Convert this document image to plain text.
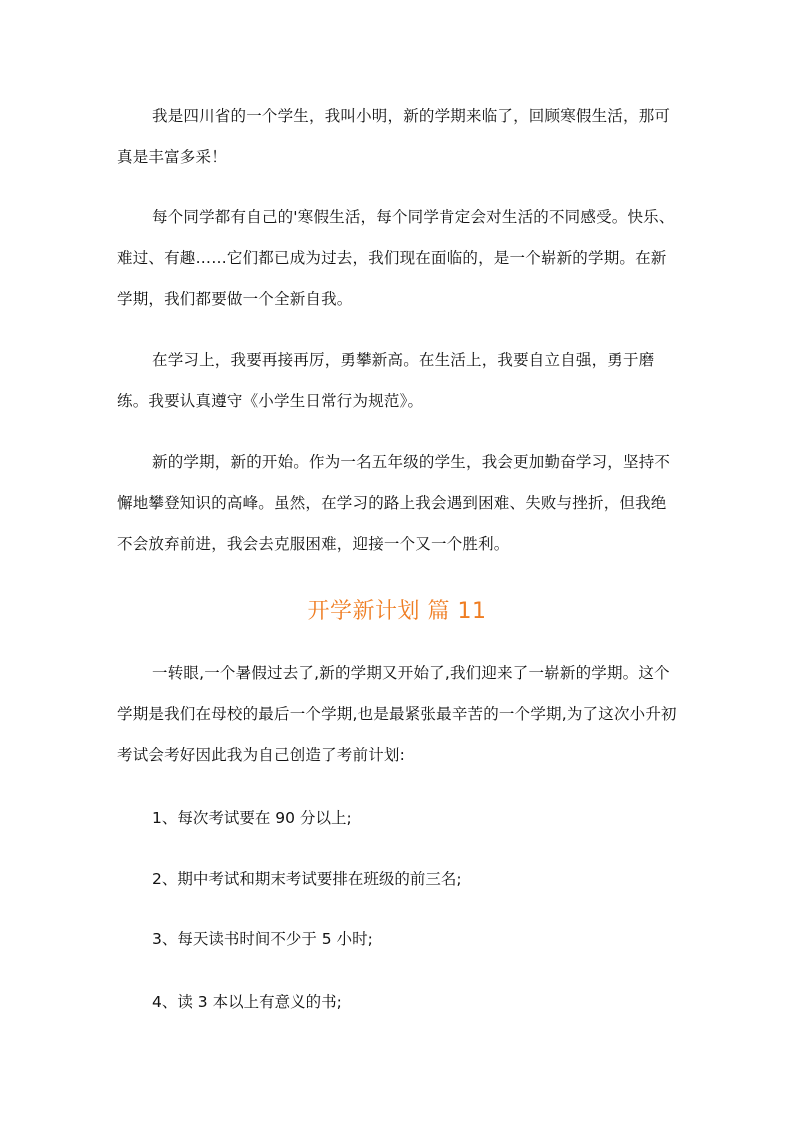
我是四川省的一个学生，我叫小明，新的学期来临了，回顾寒假生活，那可真是丰富多采！

每个同学都有自己的'寒假生活，每个同学肯定会对生活的不同感受。快乐、难过、有趣……它们都已成为过去，我们现在面临的，是一个崭新的学期。在新学期，我们都要做一个全新自我。

在学习上，我要再接再厉，勇攀新高。在生活上，我要自立自强，勇于磨练。我要认真遵守《小学生日常行为规范》。

新的学期，新的开始。作为一名五年级的学生，我会更加勤奋学习，坚持不懈地攀登知识的高峰。虽然，在学习的路上我会遇到困难、失败与挫折，但我绝不会放弃前进，我会去克服困难，迎接一个又一个胜利。

开学新计划 篇 11

一转眼,一个暑假过去了,新的学期又开始了,我们迎来了一崭新的学期。这个学期是我们在母校的最后一个学期,也是最紧张最辛苦的一个学期,为了这次小升初考试会考好因此我为自己创造了考前计划:

1、每次考试要在 90 分以上;

2、期中考试和期末考试要排在班级的前三名;

3、每天读书时间不少于 5 小时;

4、读 3 本以上有意义的书;
